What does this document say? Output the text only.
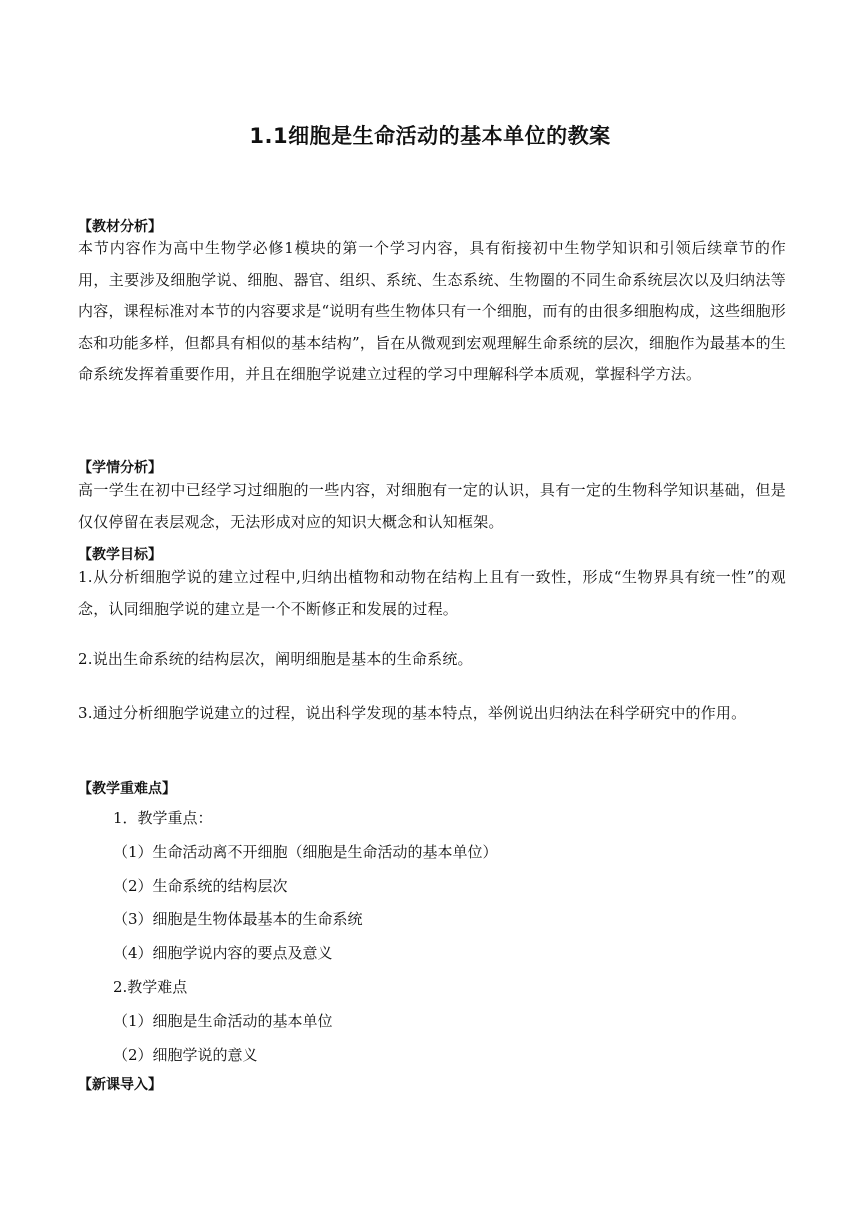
1.1细胞是生命活动的基本单位的教案
【教材分析】
本节内容作为高中生物学必修1模块的第一个学习内容，具有衔接初中生物学知识和引领后续章节的作用，主要涉及细胞学说、细胞、器官、组织、系统、生态系统、生物圈的不同生命系统层次以及归纳法等内容，课程标准对本节的内容要求是“说明有些生物体只有一个细胞，而有的由很多细胞构成，这些细胞形态和功能多样，但都具有相似的基本结构”，旨在从微观到宏观理解生命系统的层次，细胞作为最基本的生命系统发挥着重要作用，并且在细胞学说建立过程的学习中理解科学本质观，掌握科学方法。
【学情分析】
高一学生在初中已经学习过细胞的一些内容，对细胞有一定的认识，具有一定的生物科学知识基础，但是仅仅停留在表层观念，无法形成对应的知识大概念和认知框架。
【教学目标】
1.从分析细胞学说的建立过程中,归纳出植物和动物在结构上且有一致性，形成“生物界具有统一性”的观念，认同细胞学说的建立是一个不断修正和发展的过程。
2.说出生命系统的结构层次，阐明细胞是基本的生命系统。
3.通过分析细胞学说建立的过程，说出科学发现的基本特点，举例说出归纳法在科学研究中的作用。
【教学重难点】
1．教学重点：
（1）生命活动离不开细胞（细胞是生命活动的基本单位）
（2）生命系统的结构层次
（3）细胞是生物体最基本的生命系统
（4）细胞学说内容的要点及意义
2.教学难点
（1）细胞是生命活动的基本单位
（2）细胞学说的意义
【新课导入】
